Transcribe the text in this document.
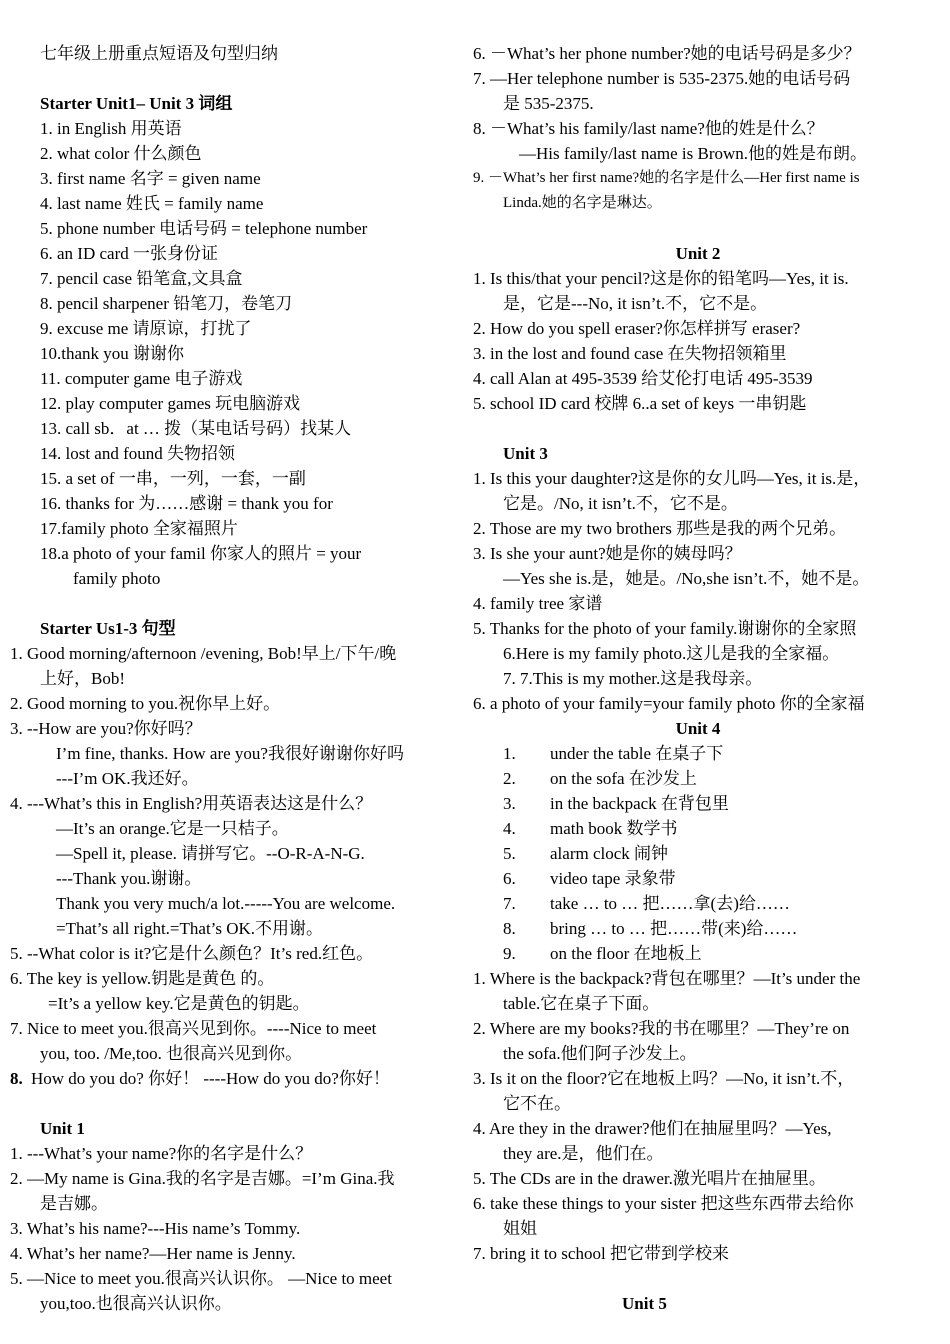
七年级上册重点短语及句型归纳
Starter Unit1– Unit 3 词组
1. in English 用英语
2. what color 什么颜色
3. first name 名字 = given name
4. last name 姓氏 = family name
5. phone number 电话号码 = telephone number
6. an ID card 一张身份证
7. pencil case 铅笔盒,文具盒
8. pencil sharpener 铅笔刀，卷笔刀
9. excuse me 请原谅，打扰了
10.thank you 谢谢你
11. computer game 电子游戏
12. play computer games 玩电脑游戏
13. call sb．at … 拨（某电话号码）找某人
14. lost and found 失物招领
15. a set of 一串，一列，一套，一副
16. thanks for 为……感谢 = thank you for
17.family photo 全家福照片
18.a photo of your famil 你家人的照片 = your
family photo
Starter Us1-3 句型
1. Good morning/afternoon /evening, Bob!早上/下午/晚
上好，Bob!
2. Good morning to you.祝你早上好。
3. --How are you?你好吗？
I’m fine, thanks. How are you?我很好谢谢你好吗
---I’m OK.我还好。
4. ---What’s this in English?用英语表达这是什么？
—It’s an orange.它是一只桔子。
—Spell it, please. 请拼写它。--O-R-A-N-G.
---Thank you.谢谢。
Thank you very much/a lot.-----You are welcome.
=That’s all right.=That’s OK.不用谢。
5. --What color is it?它是什么颜色？It’s red.红色。
6. The key is yellow.钥匙是黄色 的。
=It’s a yellow key.它是黄色的钥匙。
7. Nice to meet you.很高兴见到你。----Nice to meet
you, too. /Me,too. 也很高兴见到你。
8. How do you do? 你好！ ----How do you do?你好！
Unit 1
1. ---What’s your name?你的名字是什么？
2. —My name is Gina.我的名字是吉娜。=I’m Gina.我
是吉娜。
3. What’s his name?---His name’s Tommy.
4. What’s her name?—Her name is Jenny.
5. —Nice to meet you.很高兴认识你。 —Nice to meet
you,too.也很高兴认识你。
6. －What’s her phone number?她的电话号码是多少？
7. —Her telephone number is 535-2375.她的电话号码
是 535-2375.
8. －What’s his family/last name?他的姓是什么？
—His family/last name is Brown.他的姓是布朗。
9. －What’s her first name?她的名字是什么—Her first name is
Linda.她的名字是琳达。
Unit 2
1. Is this/that your pencil?这是你的铅笔吗—Yes, it is.
是，它是---No, it isn’t.不，它不是。
2. How do you spell eraser?你怎样拼写 eraser?
3. in the lost and found case 在失物招领箱里
4. call Alan at 495-3539 给艾伦打电话 495-3539
5. school ID card 校牌 6..a set of keys 一串钥匙
Unit 3
1. Is this your daughter?这是你的女儿吗—Yes, it is.是，
它是。/No, it isn’t.不，它不是。
2. Those are my two brothers 那些是我的两个兄弟。
3. Is she your aunt?她是你的姨母吗？
—Yes she is.是，她是。/No,she isn’t.不，她不是。
4. family tree 家谱
5. Thanks for the photo of your family.谢谢你的全家照
6.Here is my family photo.这儿是我的全家福。
7. 7.This is my mother.这是我母亲。
6. a photo of your family=your family photo 你的全家福
Unit 4
1.	under the table 在桌子下
2.	on the sofa 在沙发上
3.	in the backpack 在背包里
4.	math book 数学书
5.	alarm clock 闹钟
6.	video tape 录象带
7.	take … to … 把……拿(去)给……
8.	bring … to … 把……带(来)给……
9.	on the floor 在地板上
1. Where is the backpack?背包在哪里？—It’s under the
table.它在桌子下面。
2. Where are my books?我的书在哪里？—They’re on
the sofa.他们阿子沙发上。
3. Is it on the floor?它在地板上吗？—No, it isn’t.不，
它不在。
4. Are they in the drawer?他们在抽屉里吗？—Yes,
they are.是，他们在。
5. The CDs are in the drawer.激光唱片在抽屉里。
6. take these things to your sister 把这些东西带去给你
姐姐
7. bring it to school 把它带到学校来
Unit 5
